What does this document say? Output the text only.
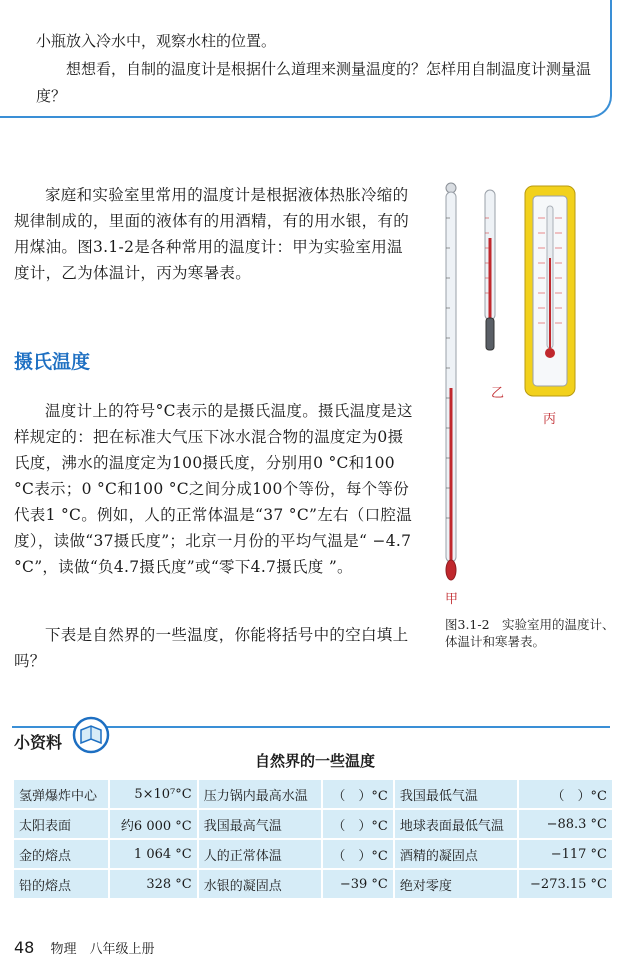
小瓶放入冷水中，观察水柱的位置。
想想看，自制的温度计是根据什么道理来测量温度的？怎样用自制温度计测量温度？
家庭和实验室里常用的温度计是根据液体热胀冷缩的规律制成的，里面的液体有的用酒精，有的用水银，有的用煤油。图3.1-2是各种常用的温度计：甲为实验室用温度计，乙为体温计，丙为寒暑表。
摄氏温度
温度计上的符号°C表示的是摄氏温度。摄氏温度是这样规定的：把在标准大气压下冰水混合物的温度定为0摄氏度，沸水的温度定为100摄氏度，分别用0 °C和100 °C表示；0 °C和100 °C之间分成100个等份，每个等份代表1 °C。例如，人的正常体温是“37 °C”左右（口腔温度），读做“37摄氏度”；北京一月份的平均气温是“ −4.7 °C”，读做“负4.7摄氏度”或“零下4.7摄氏度 ”。
下表是自然界的一些温度，你能将括号中的空白填上吗？
乙
丙
甲
图3.1-2　实验室用的温度计、体温计和寒暑表。
小资料
自然界的一些温度
氢弹爆炸中心	5×10⁷°C	压力锅内最高水温	（　）°C	我国最低气温	（　）°C
太阳表面	约6 000 °C	我国最高气温	（　）°C	地球表面最低气温	−88.3 °C
金的熔点	1 064 °C	人的正常体温	（　）°C	酒精的凝固点	−117 °C
铅的熔点	328 °C	水银的凝固点	−39 °C	绝对零度	−273.15 °C
48 物理　八年级上册
